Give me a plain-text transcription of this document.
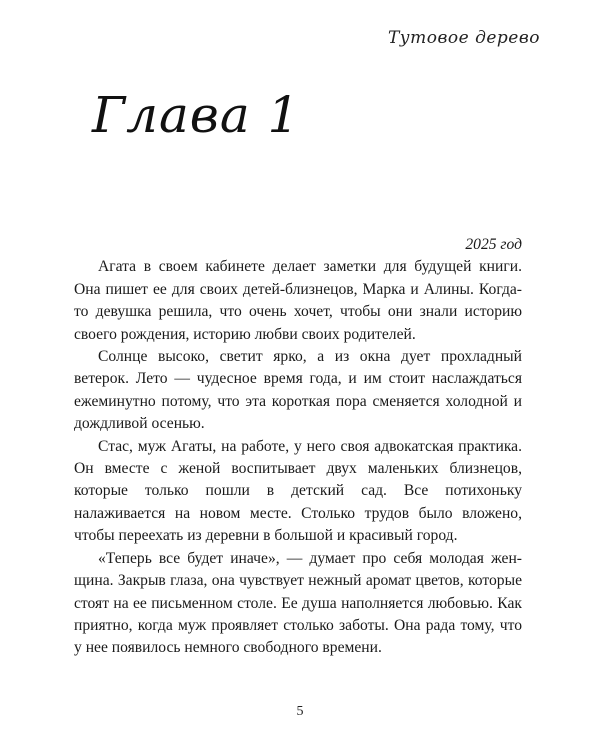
Тутовое дерево
Глава 1

2025 год

Агата в своем кабинете делает заметки для будущей книги. Она пишет ее для своих детей-близнецов, Марка и Алины. Когда-то девушка решила, что очень хочет, чтобы они знали историю своего рождения, историю любви своих родителей.

Солнце высоко, светит ярко, а из окна дует прохладный ветерок. Лето — чудесное время года, и им стоит наслаждаться ежеминутно потому, что эта короткая пора сменяется холодной и дождливой осенью.

Стас, муж Агаты, на работе, у него своя адвокатская практика. Он вместе с женой воспитывает двух маленьких близнецов, которые только пошли в детский сад. Все потихоньку налаживается на новом месте. Столько трудов было вложено, чтобы переехать из деревни в большой и красивый город.

«Теперь все будет иначе», — думает про себя молодая женщина. Закрыв глаза, она чувствует нежный аромат цветов, которые стоят на ее письменном столе. Ее душа наполняется любовью. Как приятно, когда муж проявляет столько заботы. Она рада тому, что у нее появилось немного свободного времени.

5
